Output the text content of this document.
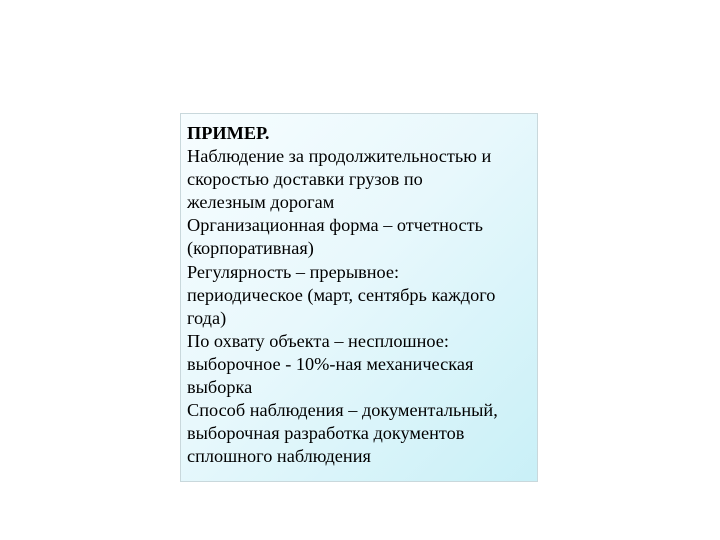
ПРИМЕР.
Наблюдение за продолжительностью и
скоростью доставки грузов по
железным дорогам
Организационная форма – отчетность
(корпоративная)
Регулярность – прерывное:
периодическое (март, сентябрь каждого
года)
По охвату объекта – несплошное:
выборочное - 10%-ная механическая
выборка
Способ наблюдения – документальный,
выборочная разработка документов
сплошного наблюдения
